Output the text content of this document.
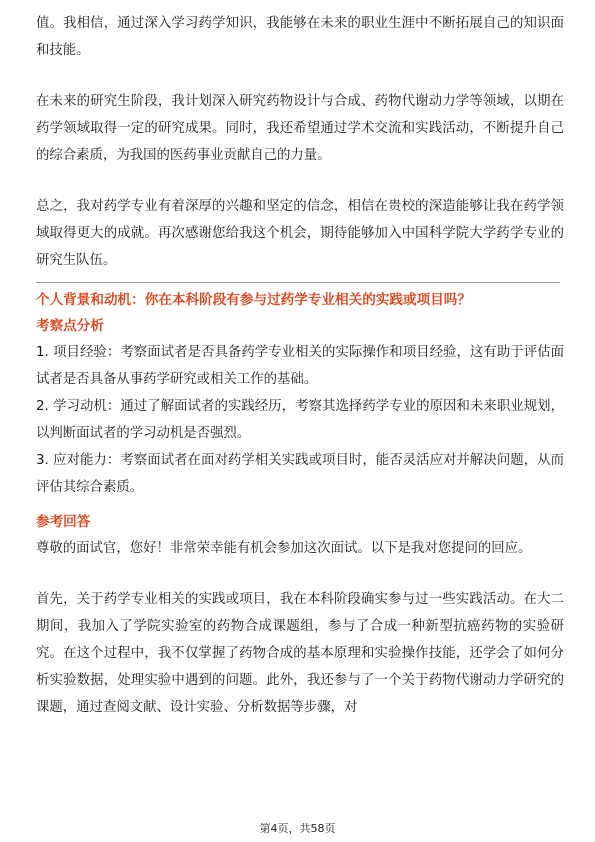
值。我相信，通过深入学习药学知识，我能够在未来的职业生涯中不断拓展自己的知识面和技能。

在未来的研究生阶段，我计划深入研究药物设计与合成、药物代谢动力学等领域，以期在药学领域取得一定的研究成果。同时，我还希望通过学术交流和实践活动，不断提升自己的综合素质，为我国的医药事业贡献自己的力量。

总之，我对药学专业有着深厚的兴趣和坚定的信念，相信在贵校的深造能够让我在药学领域取得更大的成就。再次感谢您给我这个机会，期待能够加入中国科学院大学药学专业的研究生队伍。

个人背景和动机：你在本科阶段有参与过药学专业相关的实践或项目吗？

考察点分析

1. 项目经验：考察面试者是否具备药学专业相关的实际操作和项目经验，这有助于评估面试者是否具备从事药学研究或相关工作的基础。

2. 学习动机：通过了解面试者的实践经历，考察其选择药学专业的原因和未来职业规划，以判断面试者的学习动机是否强烈。

3. 应对能力：考察面试者在面对药学相关实践或项目时，能否灵活应对并解决问题，从而评估其综合素质。

参考回答

尊敬的面试官，您好！非常荣幸能有机会参加这次面试。以下是我对您提问的回应。

首先，关于药学专业相关的实践或项目，我在本科阶段确实参与过一些实践活动。在大二期间，我加入了学院实验室的药物合成课题组，参与了合成一种新型抗癌药物的实验研究。在这个过程中，我不仅掌握了药物合成的基本原理和实验操作技能，还学会了如何分析实验数据，处理实验中遇到的问题。此外，我还参与了一个关于药物代谢动力学研究的课题，通过查阅文献、设计实验、分析数据等步骤，对

第4页，共58页
